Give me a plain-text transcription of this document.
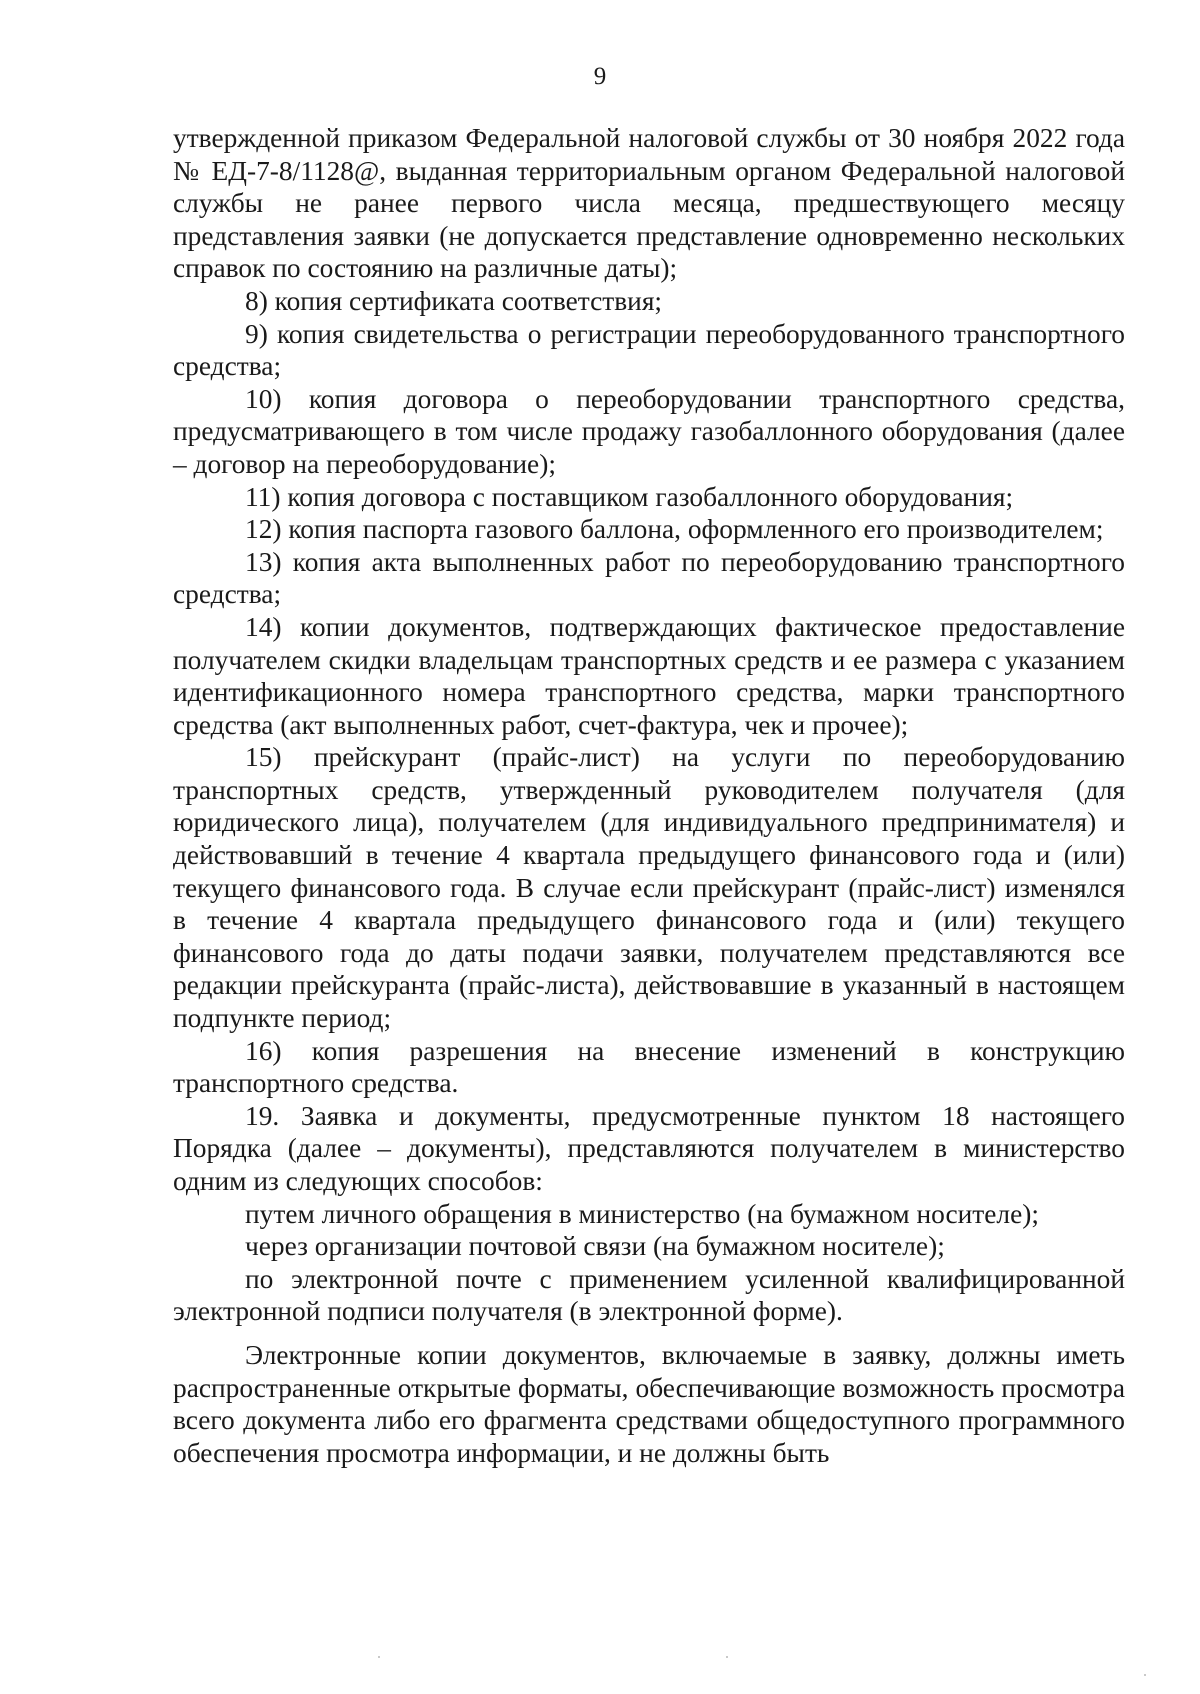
9

утвержденной приказом Федеральной налоговой службы от 30 ноября 2022 года № ЕД-7-8/1128@, выданная территориальным органом Федеральной налоговой службы не ранее первого числа месяца, предшествующего месяцу представления заявки (не допускается представление одновременно нескольких справок по состоянию на различные даты);

8) копия сертификата соответствия;

9) копия свидетельства о регистрации переоборудованного транспортного средства;

10) копия договора о переоборудовании транспортного средства, предусматривающего в том числе продажу газобаллонного оборудования (далее – договор на переоборудование);

11) копия договора с поставщиком газобаллонного оборудования;

12) копия паспорта газового баллона, оформленного его производителем;

13) копия акта выполненных работ по переоборудованию транспортного средства;

14) копии документов, подтверждающих фактическое предоставление получателем скидки владельцам транспортных средств и ее размера с указанием идентификационного номера транспортного средства, марки транспортного средства (акт выполненных работ, счет-фактура, чек и прочее);

15) прейскурант (прайс-лист) на услуги по переоборудованию транспортных средств, утвержденный руководителем получателя (для юридического лица), получателем (для индивидуального предпринимателя) и действовавший в течение 4 квартала предыдущего финансового года и (или) текущего финансового года. В случае если прейскурант (прайс-лист) изменялся в течение 4 квартала предыдущего финансового года и (или) текущего финансового года до даты подачи заявки, получателем представляются все редакции прейскуранта (прайс-листа), действовавшие в указанный в настоящем подпункте период;

16) копия разрешения на внесение изменений в конструкцию транспортного средства.

19. Заявка и документы, предусмотренные пунктом 18 настоящего Порядка (далее – документы), представляются получателем в министерство одним из следующих способов:

путем личного обращения в министерство (на бумажном носителе);

через организации почтовой связи (на бумажном носителе);

по электронной почте с применением усиленной квалифицированной электронной подписи получателя (в электронной форме).

Электронные копии документов, включаемые в заявку, должны иметь распространенные открытые форматы, обеспечивающие возможность просмотра всего документа либо его фрагмента средствами общедоступного программного обеспечения просмотра информации, и не должны быть
